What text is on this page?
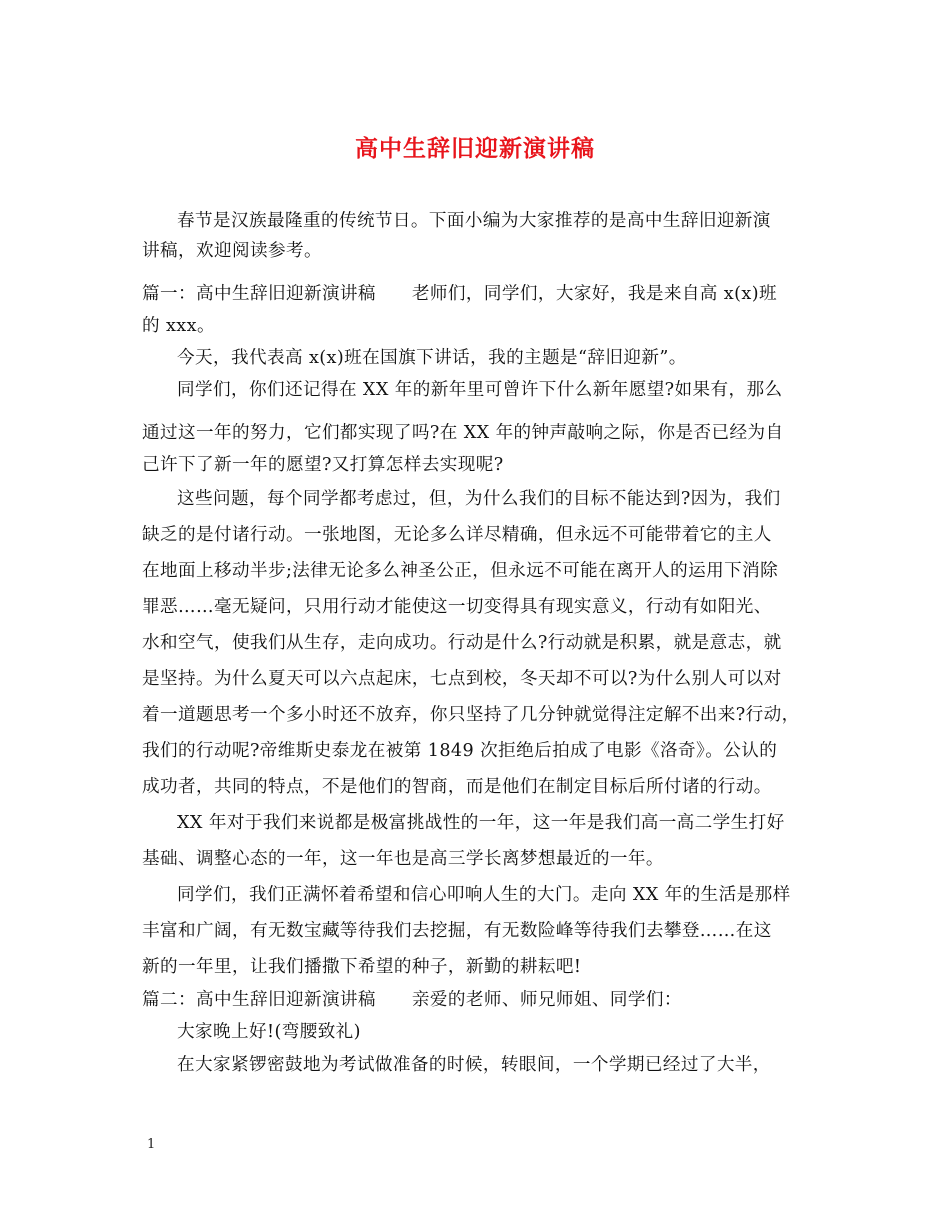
高中生辞旧迎新演讲稿
春节是汉族最隆重的传统节日。下面小编为大家推荐的是高中生辞旧迎新演
讲稿，欢迎阅读参考。
篇一：高中生辞旧迎新演讲稿　　老师们，同学们，大家好，我是来自高 x(x)班
的 xxx。
今天，我代表高 x(x)班在国旗下讲话，我的主题是“辞旧迎新”。
同学们，你们还记得在 XX 年的新年里可曾许下什么新年愿望?如果有，那么
通过这一年的努力，它们都实现了吗?在 XX 年的钟声敲响之际，你是否已经为自
己许下了新一年的愿望?又打算怎样去实现呢?
这些问题，每个同学都考虑过，但，为什么我们的目标不能达到?因为，我们
缺乏的是付诸行动。一张地图，无论多么详尽精确，但永远不可能带着它的主人
在地面上移动半步;法律无论多么神圣公正，但永远不可能在离开人的运用下消除
罪恶……毫无疑问，只用行动才能使这一切变得具有现实意义，行动有如阳光、
水和空气，使我们从生存，走向成功。行动是什么?行动就是积累，就是意志，就
是坚持。为什么夏天可以六点起床，七点到校，冬天却不可以?为什么别人可以对
着一道题思考一个多小时还不放弃，你只坚持了几分钟就觉得注定解不出来?行动，
我们的行动呢?帝维斯史泰龙在被第 1849 次拒绝后拍成了电影《洛奇》。公认的
成功者，共同的特点，不是他们的智商，而是他们在制定目标后所付诸的行动。
XX 年对于我们来说都是极富挑战性的一年，这一年是我们高一高二学生打好
基础、调整心态的一年，这一年也是高三学长离梦想最近的一年。
同学们，我们正满怀着希望和信心叩响人生的大门。走向 XX 年的生活是那样
丰富和广阔，有无数宝藏等待我们去挖掘，有无数险峰等待我们去攀登……在这
新的一年里，让我们播撒下希望的种子，新勤的耕耘吧!
篇二：高中生辞旧迎新演讲稿　　亲爱的老师、师兄师姐、同学们：
大家晚上好!(弯腰致礼)
在大家紧锣密鼓地为考试做准备的时候，转眼间，一个学期已经过了大半，
1
